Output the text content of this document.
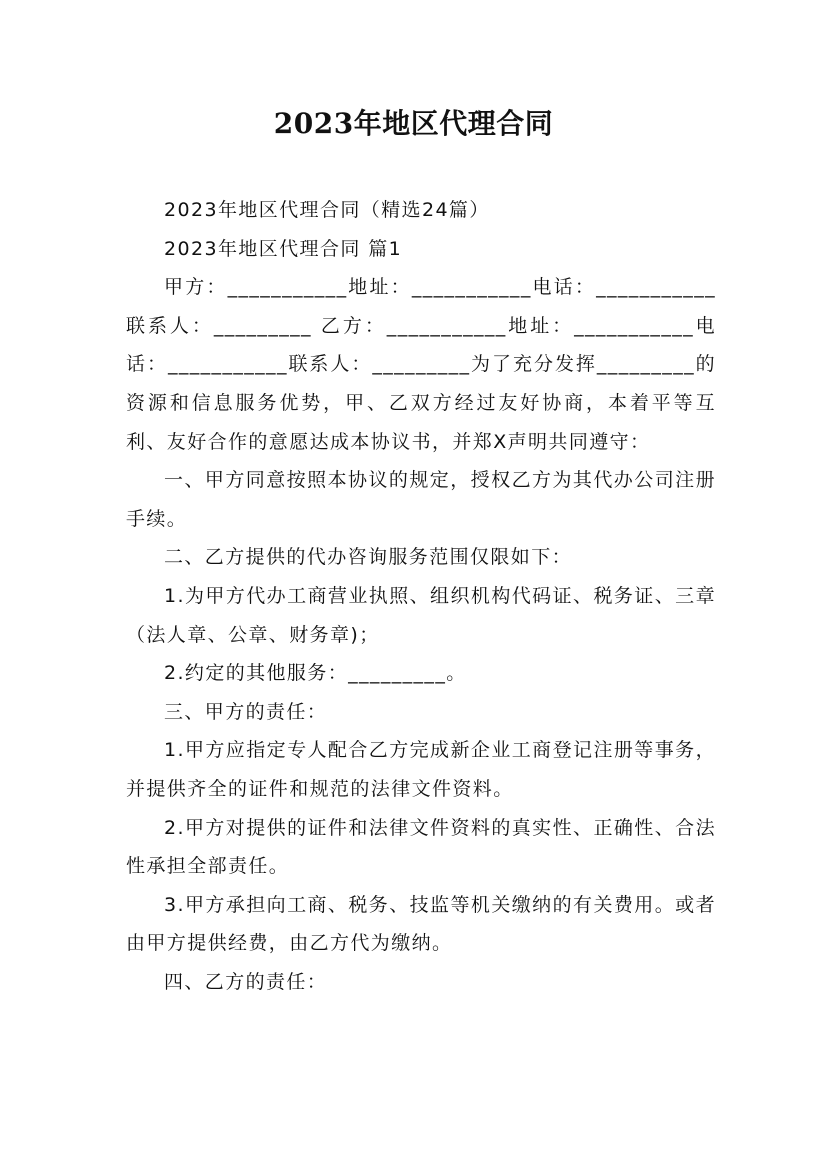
2023年地区代理合同

2023年地区代理合同（精选24篇）

2023年地区代理合同 篇1

甲方：___________地址：___________电话：___________联系人：_________ 乙方：___________地址：___________电话：___________联系人：_________为了充分发挥_________的资源和信息服务优势，甲、乙双方经过友好协商，本着平等互利、友好合作的意愿达成本协议书，并郑X声明共同遵守：

一、甲方同意按照本协议的规定，授权乙方为其代办公司注册手续。

二、乙方提供的代办咨询服务范围仅限如下：

1.为甲方代办工商营业执照、组织机构代码证、税务证、三章（法人章、公章、财务章)；

2.约定的其他服务：_________。

三、甲方的责任：

1.甲方应指定专人配合乙方完成新企业工商登记注册等事务，并提供齐全的证件和规范的法律文件资料。

2.甲方对提供的证件和法律文件资料的真实性、正确性、合法性承担全部责任。

3.甲方承担向工商、税务、技监等机关缴纳的有关费用。或者由甲方提供经费，由乙方代为缴纳。

四、乙方的责任：
